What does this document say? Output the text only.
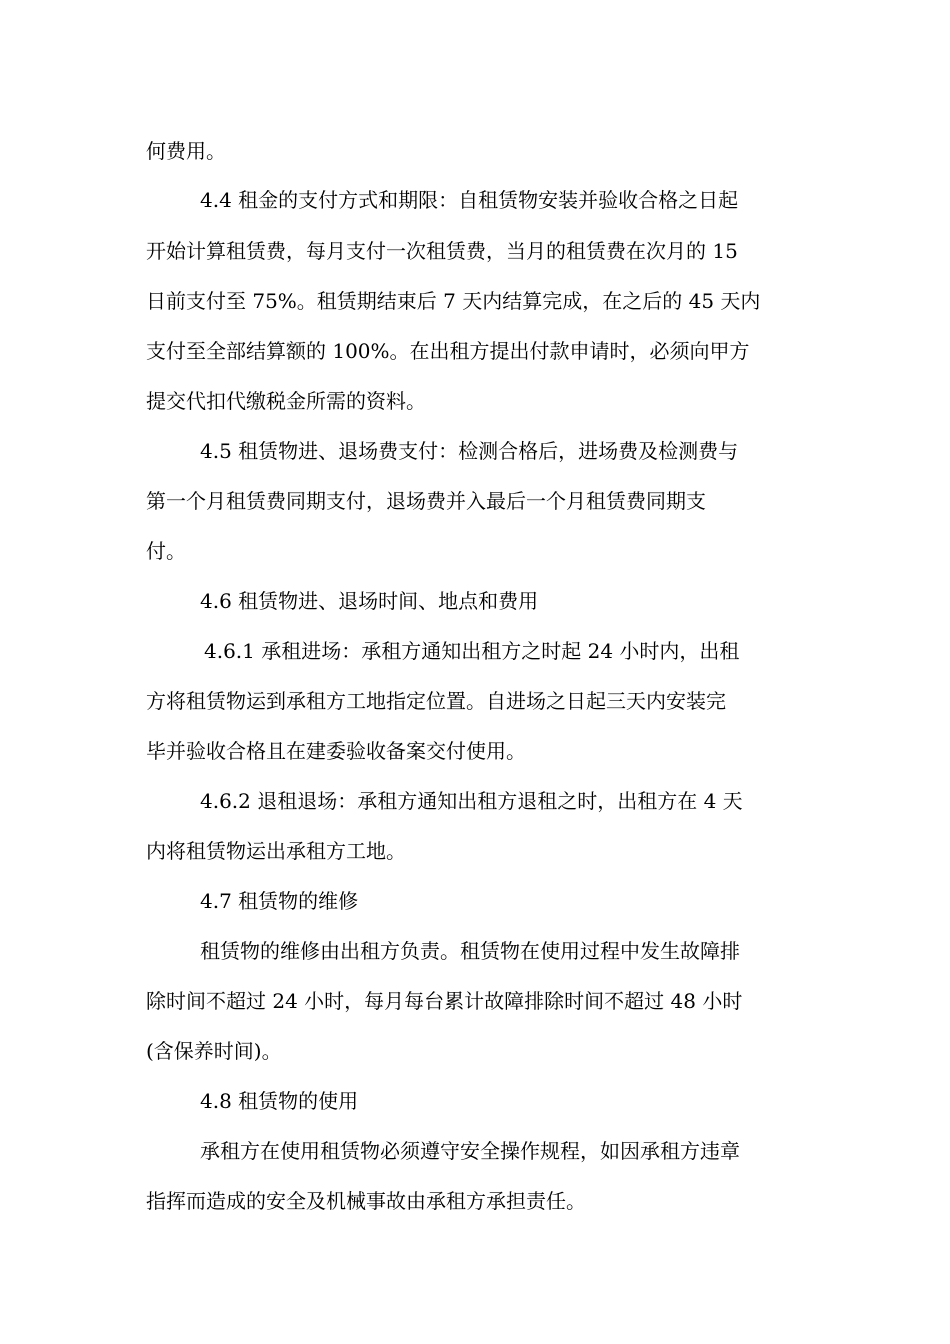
何费用。
4.4 租金的支付方式和期限：自租赁物安装并验收合格之日起
开始计算租赁费，每月支付一次租赁费，当月的租赁费在次月的 15
日前支付至 75%。租赁期结束后 7 天内结算完成，在之后的 45 天内
支付至全部结算额的 100%。在出租方提出付款申请时，必须向甲方
提交代扣代缴税金所需的资料。
4.5 租赁物进、退场费支付：检测合格后，进场费及检测费与
第一个月租赁费同期支付，退场费并入最后一个月租赁费同期支
付。
4.6 租赁物进、退场时间、地点和费用
4.6.1 承租进场：承租方通知出租方之时起 24 小时内，出租
方将租赁物运到承租方工地指定位置。自进场之日起三天内安装完
毕并验收合格且在建委验收备案交付使用。
4.6.2 退租退场：承租方通知出租方退租之时，出租方在 4 天
内将租赁物运出承租方工地。
4.7 租赁物的维修
租赁物的维修由出租方负责。租赁物在使用过程中发生故障排
除时间不超过 24 小时，每月每台累计故障排除时间不超过 48 小时
(含保养时间)。
4.8 租赁物的使用
承租方在使用租赁物必须遵守安全操作规程，如因承租方违章
指挥而造成的安全及机械事故由承租方承担责任。
